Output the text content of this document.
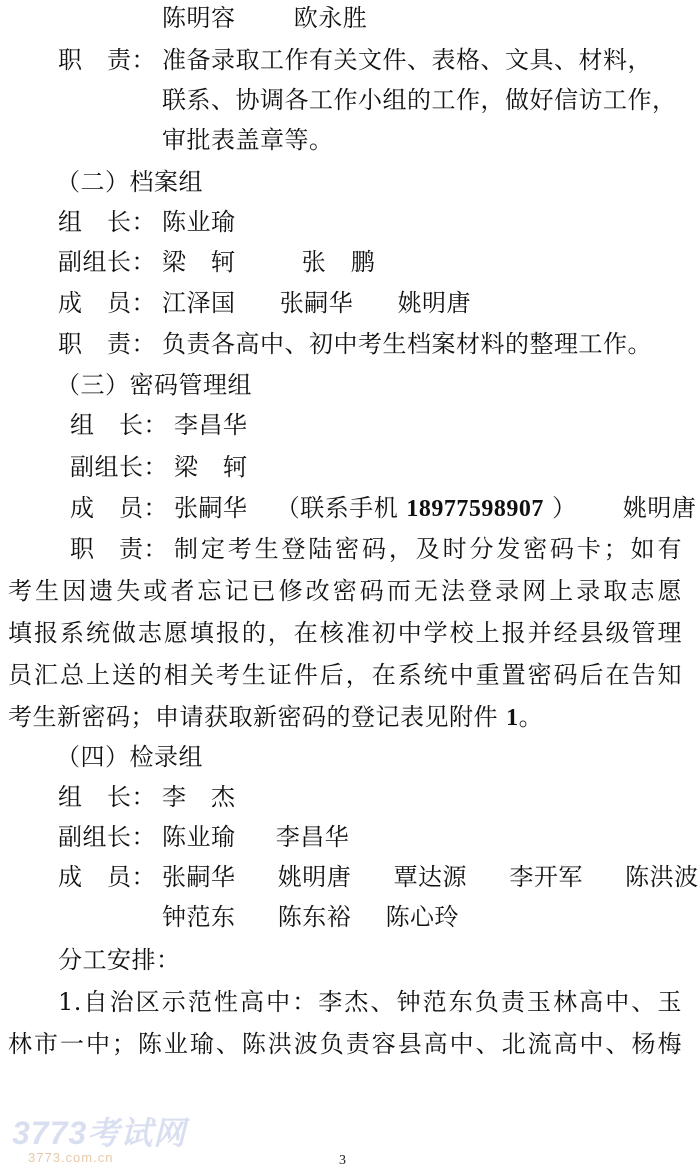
陈明容 欧永胜
职　责： 准备录取工作有关文件、表格、文具、材料，
联系、协调各工作小组的工作，做好信访工作，
审批表盖章等。
（二）档案组
组　长： 陈业瑜
副组长： 梁　轲	张　鹏
成　员： 江泽国 张嗣华 姚明唐
职　责： 负责各高中、初中考生档案材料的整理工作。
（三）密码管理组
组　长： 李昌华
副组长： 梁　轲
成　员： 张嗣华 （联系手机 18977598907 ） 姚明唐
职　责： 制定考生登陆密码，及时分发密码卡；如有
考生因遗失或者忘记已修改密码而无法登录网上录取志愿
填报系统做志愿填报的，在核准初中学校上报并经县级管理
员汇总上送的相关考生证件后，在系统中重置密码后在告知
考生新密码；申请获取新密码的登记表见附件 1。
（四）检录组
组　长： 李　杰
副组长： 陈业瑜 李昌华
成　员： 张嗣华 姚明唐 覃达源 李开军 陈洪波
钟范东 陈东裕 陈心玲
分工安排：
1.自治区示范性高中：李杰、钟范东负责玉林高中、玉
林市一中；陈业瑜、陈洪波负责容县高中、北流高中、杨梅
3773考试网
3773.com.cn	3
